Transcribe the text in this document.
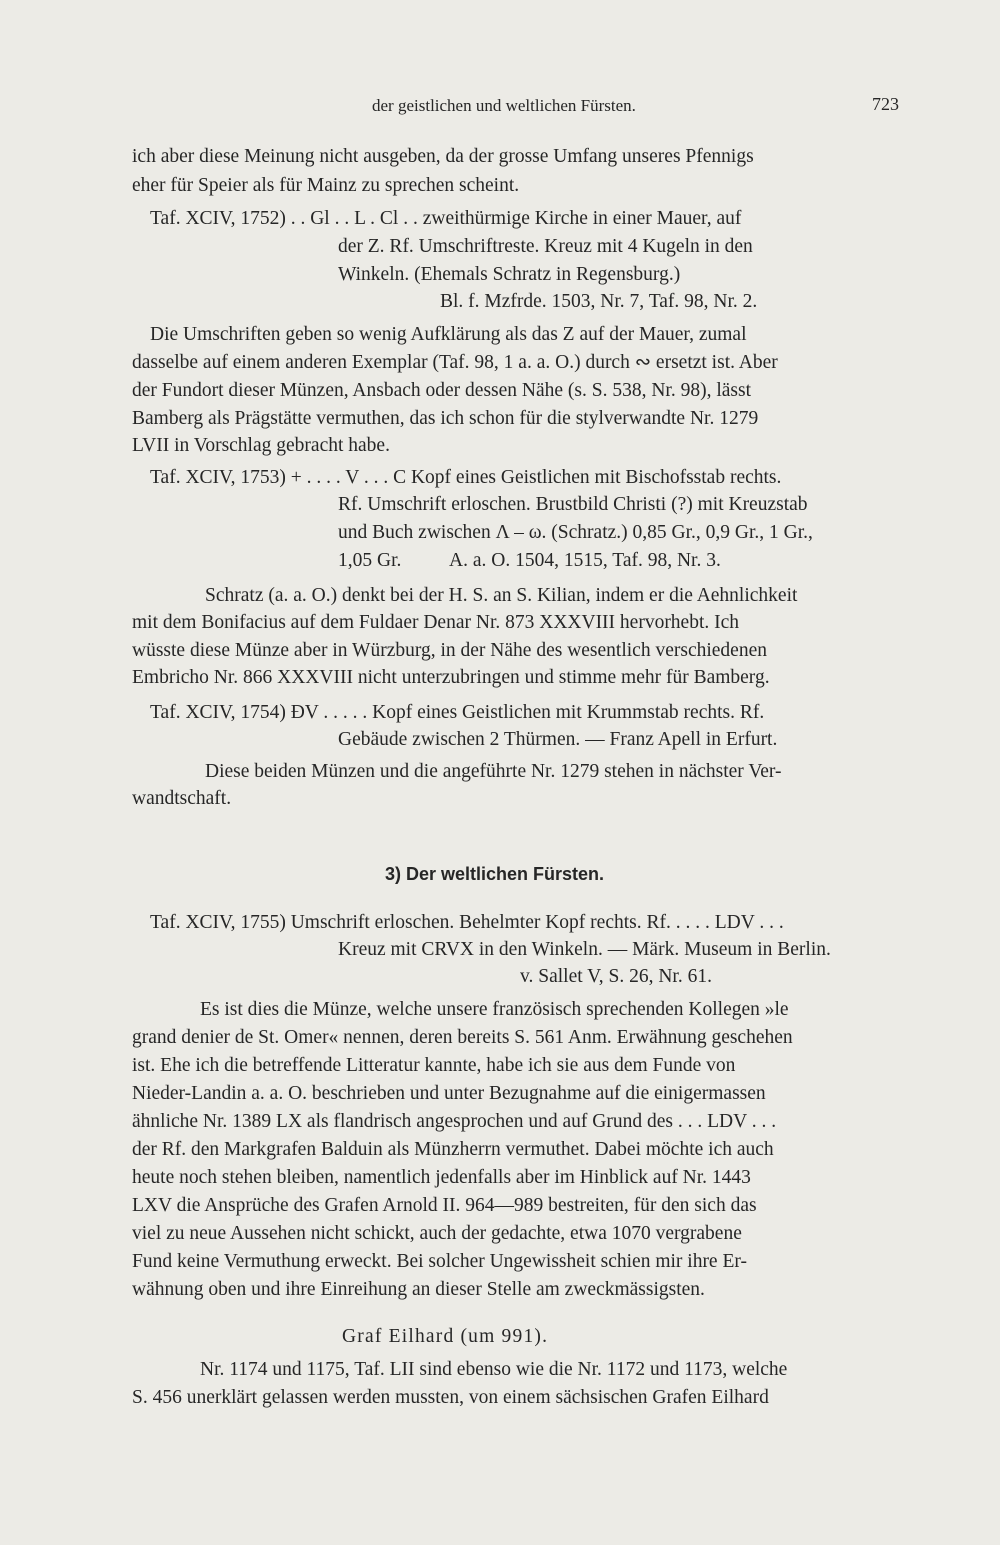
der geistlichen und weltlichen Fürsten.	723
ich aber diese Meinung nicht ausgeben, da der grosse Umfang unseres Pfennigs
eher für Speier als für Mainz zu sprechen scheint.
Taf. XCIV, 1752) . . Gl . . L . Cl . . zweithürmige Kirche in einer Mauer, auf
der Z. Rf. Umschriftreste. Kreuz mit 4 Kugeln in den
Winkeln. (Ehemals Schratz in Regensburg.)
Bl. f. Mzfrde. 1503, Nr. 7, Taf. 98, Nr. 2.
Die Umschriften geben so wenig Aufklärung als das Z auf der Mauer, zumal
dasselbe auf einem anderen Exemplar (Taf. 98, 1 a. a. O.) durch ∾ ersetzt ist. Aber
der Fundort dieser Münzen, Ansbach oder dessen Nähe (s. S. 538, Nr. 98), lässt
Bamberg als Prägstätte vermuthen, das ich schon für die stylverwandte Nr. 1279
LVII in Vorschlag gebracht habe.
Taf. XCIV, 1753) + . . . . V . . . C Kopf eines Geistlichen mit Bischofsstab rechts.
Rf. Umschrift erloschen. Brustbild Christi (?) mit Kreuzstab
und Buch zwischen Λ – ω. (Schratz.) 0,85 Gr., 0,9 Gr., 1 Gr.,
1,05 Gr.          A. a. O. 1504, 1515, Taf. 98, Nr. 3.
Schratz (a. a. O.) denkt bei der H. S. an S. Kilian, indem er die Aehnlichkeit
mit dem Bonifacius auf dem Fuldaer Denar Nr. 873 XXXVIII hervorhebt. Ich
wüsste diese Münze aber in Würzburg, in der Nähe des wesentlich verschiedenen
Embricho Nr. 866 XXXVIII nicht unterzubringen und stimme mehr für Bamberg.
Taf. XCIV, 1754) ÐV . . . . . Kopf eines Geistlichen mit Krummstab rechts. Rf.
Gebäude zwischen 2 Thürmen. — Franz Apell in Erfurt.
Diese beiden Münzen und die angeführte Nr. 1279 stehen in nächster Ver-
wandtschaft.
3) Der weltlichen Fürsten.
Taf. XCIV, 1755) Umschrift erloschen. Behelmter Kopf rechts. Rf. . . . . LDV . . .
Kreuz mit CRVX in den Winkeln. — Märk. Museum in Berlin.
v. Sallet V, S. 26, Nr. 61.
Es ist dies die Münze, welche unsere französisch sprechenden Kollegen »le
grand denier de St. Omer« nennen, deren bereits S. 561 Anm. Erwähnung geschehen
ist. Ehe ich die betreffende Litteratur kannte, habe ich sie aus dem Funde von
Nieder-Landin a. a. O. beschrieben und unter Bezugnahme auf die einigermassen
ähnliche Nr. 1389 LX als flandrisch angesprochen und auf Grund des . . . LDV . . .
der Rf. den Markgrafen Balduin als Münzherrn vermuthet. Dabei möchte ich auch
heute noch stehen bleiben, namentlich jedenfalls aber im Hinblick auf Nr. 1443
LXV die Ansprüche des Grafen Arnold II. 964—989 bestreiten, für den sich das
viel zu neue Aussehen nicht schickt, auch der gedachte, etwa 1070 vergrabene
Fund keine Vermuthung erweckt. Bei solcher Ungewissheit schien mir ihre Er-
wähnung oben und ihre Einreihung an dieser Stelle am zweckmässigsten.
Graf Eilhard (um 991).
Nr. 1174 und 1175, Taf. LII sind ebenso wie die Nr. 1172 und 1173, welche
S. 456 unerklärt gelassen werden mussten, von einem sächsischen Grafen Eilhard
